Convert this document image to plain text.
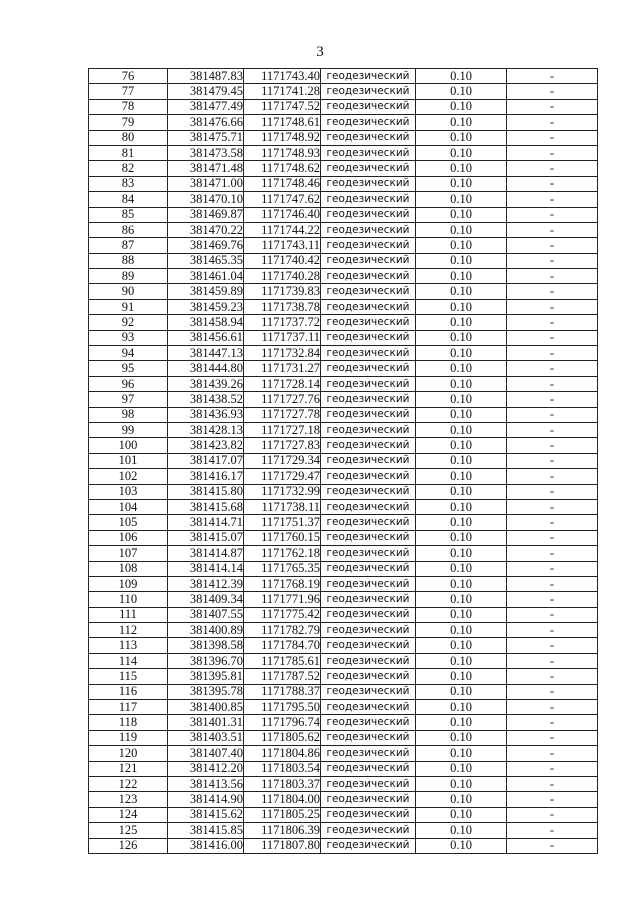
3
76	381487.83	1171743.40	геодезический	0.10	-
77	381479.45	1171741.28	геодезический	0.10	-
78	381477.49	1171747.52	геодезический	0.10	-
79	381476.66	1171748.61	геодезический	0.10	-
80	381475.71	1171748.92	геодезический	0.10	-
81	381473.58	1171748.93	геодезический	0.10	-
82	381471.48	1171748.62	геодезический	0.10	-
83	381471.00	1171748.46	геодезический	0.10	-
84	381470.10	1171747.62	геодезический	0.10	-
85	381469.87	1171746.40	геодезический	0.10	-
86	381470.22	1171744.22	геодезический	0.10	-
87	381469.76	1171743.11	геодезический	0.10	-
88	381465.35	1171740.42	геодезический	0.10	-
89	381461.04	1171740.28	геодезический	0.10	-
90	381459.89	1171739.83	геодезический	0.10	-
91	381459.23	1171738.78	геодезический	0.10	-
92	381458.94	1171737.72	геодезический	0.10	-
93	381456.61	1171737.11	геодезический	0.10	-
94	381447.13	1171732.84	геодезический	0.10	-
95	381444.80	1171731.27	геодезический	0.10	-
96	381439.26	1171728.14	геодезический	0.10	-
97	381438.52	1171727.76	геодезический	0.10	-
98	381436.93	1171727.78	геодезический	0.10	-
99	381428.13	1171727.18	геодезический	0.10	-
100	381423.82	1171727.83	геодезический	0.10	-
101	381417.07	1171729.34	геодезический	0.10	-
102	381416.17	1171729.47	геодезический	0.10	-
103	381415.80	1171732.99	геодезический	0.10	-
104	381415.68	1171738.11	геодезический	0.10	-
105	381414.71	1171751.37	геодезический	0.10	-
106	381415.07	1171760.15	геодезический	0.10	-
107	381414.87	1171762.18	геодезический	0.10	-
108	381414.14	1171765.35	геодезический	0.10	-
109	381412.39	1171768.19	геодезический	0.10	-
110	381409.34	1171771.96	геодезический	0.10	-
111	381407.55	1171775.42	геодезический	0.10	-
112	381400.89	1171782.79	геодезический	0.10	-
113	381398.58	1171784.70	геодезический	0.10	-
114	381396.70	1171785.61	геодезический	0.10	-
115	381395.81	1171787.52	геодезический	0.10	-
116	381395.78	1171788.37	геодезический	0.10	-
117	381400.85	1171795.50	геодезический	0.10	-
118	381401.31	1171796.74	геодезический	0.10	-
119	381403.51	1171805.62	геодезический	0.10	-
120	381407.40	1171804.86	геодезический	0.10	-
121	381412.20	1171803.54	геодезический	0.10	-
122	381413.56	1171803.37	геодезический	0.10	-
123	381414.90	1171804.00	геодезический	0.10	-
124	381415.62	1171805.25	геодезический	0.10	-
125	381415.85	1171806.39	геодезический	0.10	-
126	381416.00	1171807.80	геодезический	0.10	-
